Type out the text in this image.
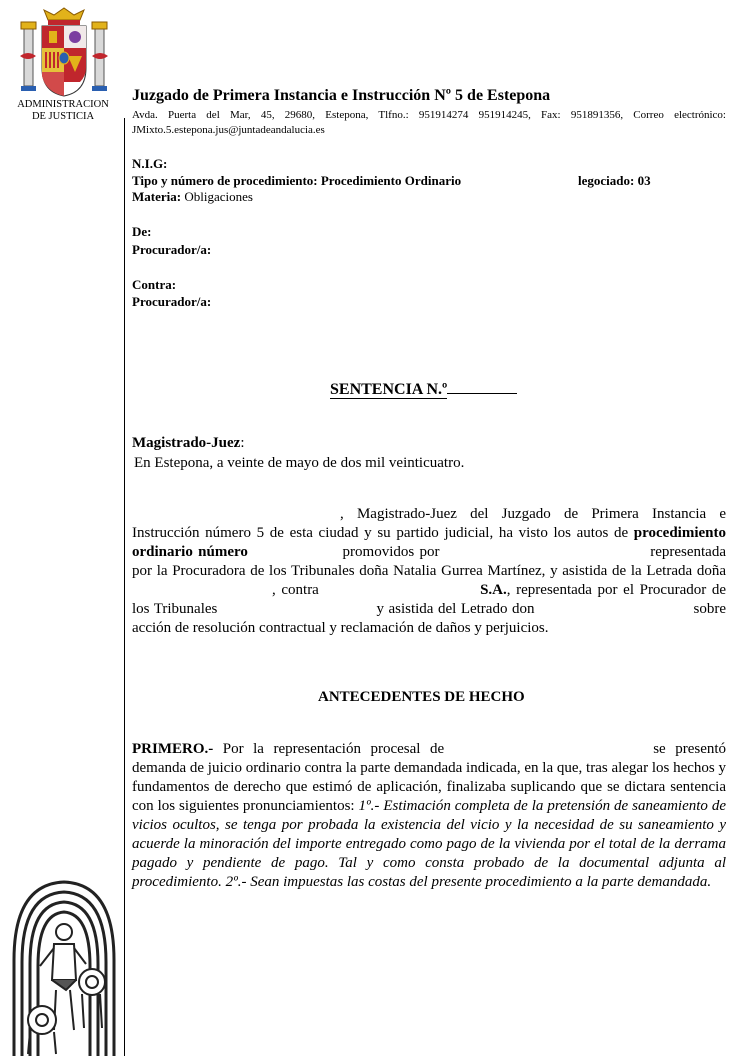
ADMINISTRACION
DE JUSTICIA
Juzgado de Primera Instancia e Instrucción Nº 5 de Estepona
Avda. Puerta del Mar, 45, 29680, Estepona, Tlfno.: 951914274 951914245, Fax: 951891356, Correo electrónico: JMixto.5.estepona.jus@juntadeandalucia.es
N.I.G:
Tipo y número de procedimiento: Procedimiento Ordinario	legociado: 03
Materia: Obligaciones
De:
Procurador/a:
Contra:
Procurador/a:
SENTENCIA N.º
Magistrado-Juez:
En Estepona, a veinte de mayo de dos mil veinticuatro.
, Magistrado-Juez del Juzgado de Primera Instancia e Instrucción número 5 de esta ciudad y su partido judicial, ha visto los autos de procedimiento ordinario número	promovidos por	representada por la Procuradora de los Tribunales doña Natalia Gurrea Martínez, y asistida de la Letrada doña , contra	S.A., representada por el Procurador de los Tribunales	y asistida del Letrado don	sobre acción de resolución contractual y reclamación de daños y perjuicios.
ANTECEDENTES DE HECHO
PRIMERO.- Por la representación procesal de	se presentó demanda de juicio ordinario contra la parte demandada indicada, en la que, tras alegar los hechos y fundamentos de derecho que estimó de aplicación, finalizaba suplicando que se dictara sentencia con los siguientes pronunciamientos: 1º.- Estimación completa de la pretensión de saneamiento de vicios ocultos, se tenga por probada la existencia del vicio y la necesidad de su saneamiento y acuerde la minoración del importe entregado como pago de la vivienda por el total de la derrama pagado y pendiente de pago. Tal y como consta probado de la documental adjunta al procedimiento. 2º.- Sean impuestas las costas del presente procedimiento a la parte demandada.
